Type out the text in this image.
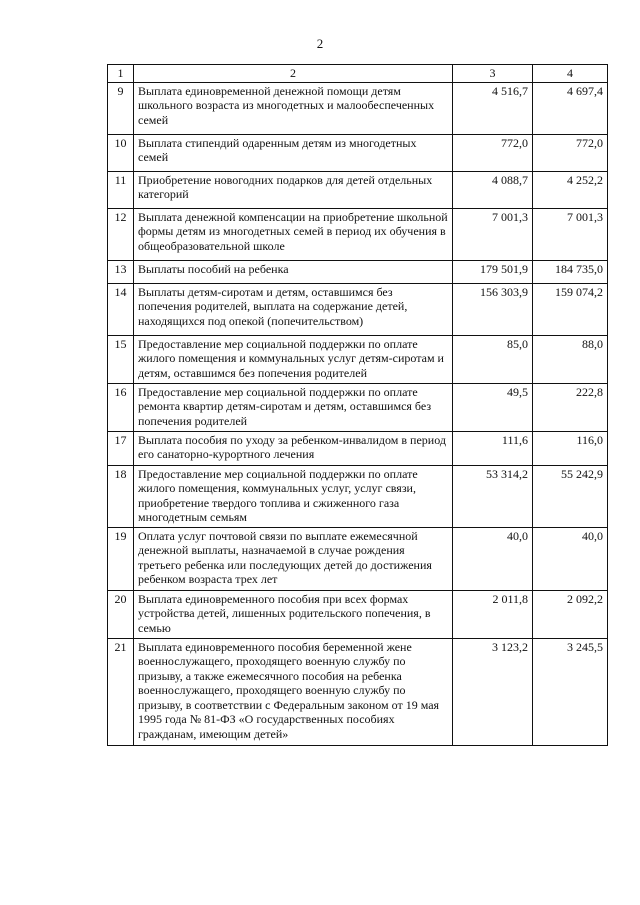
2
1	2	3	4
9	Выплата единовременной денежной помощи детям школьного возраста из многодетных и малообеспеченных семей	4 516,7	4 697,4
10	Выплата стипендий одаренным детям из многодетных семей	772,0	772,0
11	Приобретение новогодних подарков для детей отдельных категорий	4 088,7	4 252,2
12	Выплата денежной компенсации на приобретение школьной формы детям из многодетных семей в период их обучения в общеобразовательной школе	7 001,3	7 001,3
13	Выплаты пособий на ребенка	179 501,9	184 735,0
14	Выплаты детям-сиротам и детям, оставшимся без попечения родителей, выплата на содержание детей, находящихся под опекой (попечительством)	156 303,9	159 074,2
15	Предоставление мер социальной поддержки по оплате жилого помещения и коммунальных услуг детям-сиротам и детям, оставшимся без попечения родителей	85,0	88,0
16	Предоставление мер социальной поддержки по оплате ремонта квартир детям-сиротам и детям, оставшимся без попечения родителей	49,5	222,8
17	Выплата пособия по уходу за ребенком-инвалидом в период его санаторно-курортного лечения	111,6	116,0
18	Предоставление мер социальной поддержки по оплате жилого помещения, коммунальных услуг, услуг связи, приобретение твердого топлива и сжиженного газа многодетным семьям	53 314,2	55 242,9
19	Оплата услуг почтовой связи по выплате ежемесячной денежной выплаты, назначаемой в случае рождения третьего ребенка или последующих детей до достижения ребенком возраста трех лет	40,0	40,0
20	Выплата единовременного пособия при всех формах устройства детей, лишенных родительского попечения, в семью	2 011,8	2 092,2
21	Выплата единовременного пособия беременной жене военнослужащего, проходящего военную службу по призыву, а также ежемесячного пособия на ребенка военнослужащего, проходящего военную службу по призыву, в соответствии с Федеральным законом от 19 мая 1995 года № 81-ФЗ «О государственных пособиях гражданам, имеющим детей»	3 123,2	3 245,5
